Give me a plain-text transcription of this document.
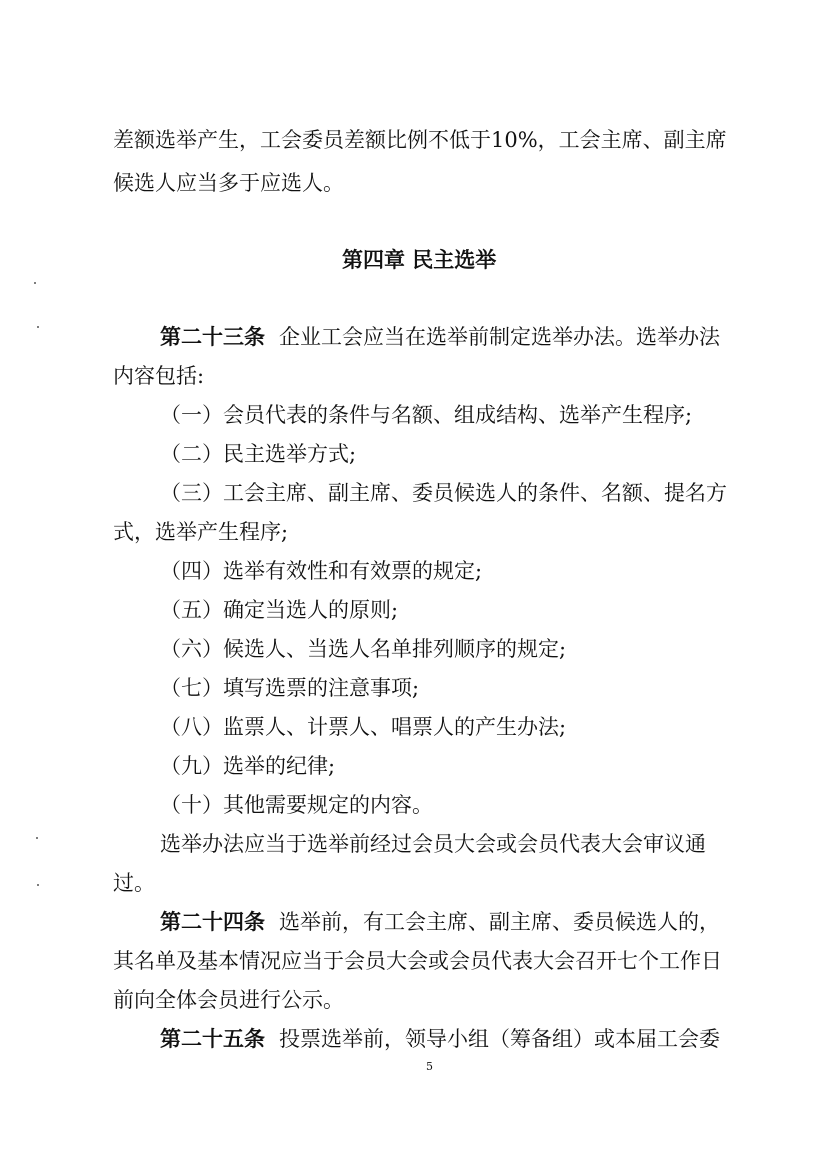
差额选举产生，工会委员差额比例不低于10%，工会主席、副主席
候选人应当多于应选人。
第四章 民主选举
第二十三条 企业工会应当在选举前制定选举办法。选举办法
内容包括:
（一）会员代表的条件与名额、组成结构、选举产生程序;
（二）民主选举方式;
（三）工会主席、副主席、委员候选人的条件、名额、提名方
式，选举产生程序;
（四）选举有效性和有效票的规定;
（五）确定当选人的原则;
（六）候选人、当选人名单排列顺序的规定;
（七）填写选票的注意事项;
（八）监票人、计票人、唱票人的产生办法;
（九）选举的纪律;
（十）其他需要规定的内容。
选举办法应当于选举前经过会员大会或会员代表大会审议通
过。
第二十四条 选举前，有工会主席、副主席、委员候选人的，
其名单及基本情况应当于会员大会或会员代表大会召开七个工作日
前向全体会员进行公示。
第二十五条 投票选举前，领导小组（筹备组）或本届工会委
5
